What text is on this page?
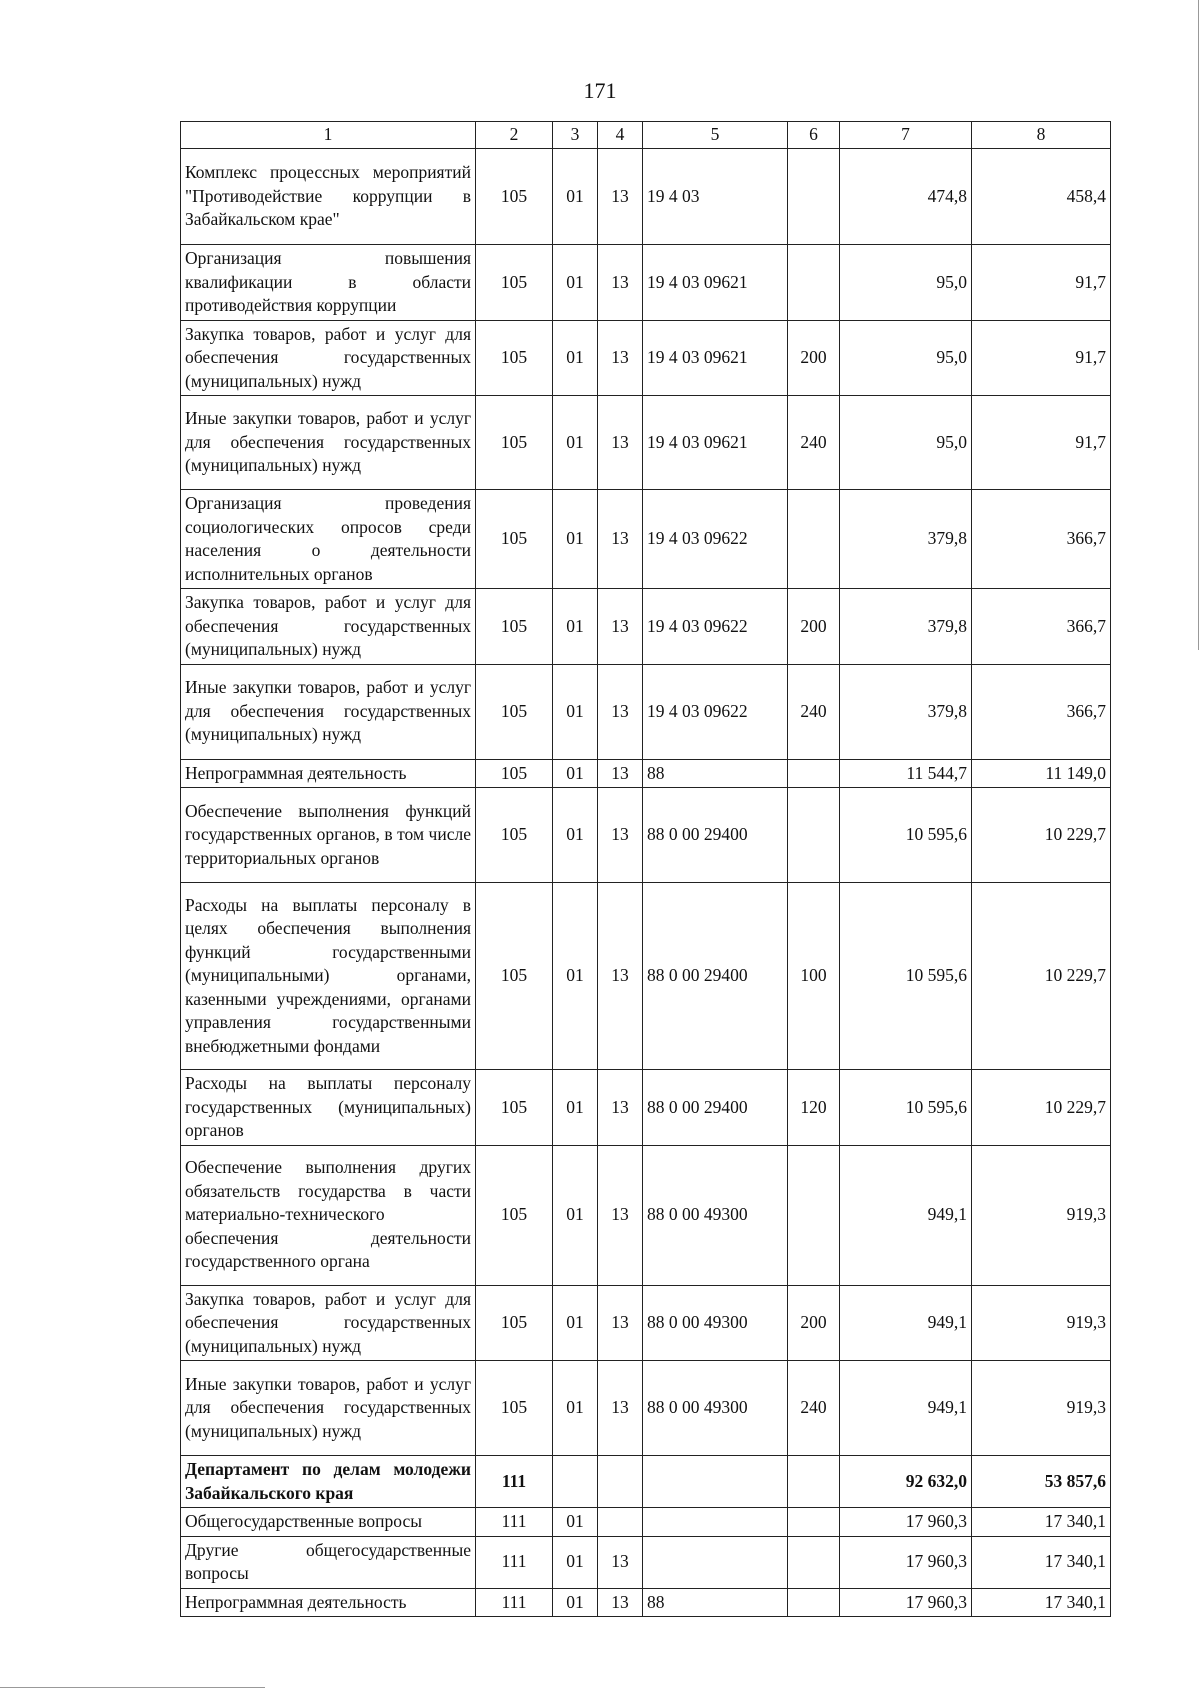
171
1	2	3	4	5	6	7	8
Комплекс процессных мероприятий "Противодействие коррупции в Забайкальском крае"	105	01	13	19 4 03		474,8	458,4
Организация повышения квалификации в области противодействия коррупции	105	01	13	19 4 03 09621		95,0	91,7
Закупка товаров, работ и услуг для обеспечения государственных (муниципальных) нужд	105	01	13	19 4 03 09621	200	95,0	91,7
Иные закупки товаров, работ и услуг для обеспечения государственных (муниципальных) нужд	105	01	13	19 4 03 09621	240	95,0	91,7
Организация проведения социологических опросов среди населения о деятельности исполнительных органов	105	01	13	19 4 03 09622		379,8	366,7
Закупка товаров, работ и услуг для обеспечения государственных (муниципальных) нужд	105	01	13	19 4 03 09622	200	379,8	366,7
Иные закупки товаров, работ и услуг для обеспечения государственных (муниципальных) нужд	105	01	13	19 4 03 09622	240	379,8	366,7
Непрограммная деятельность	105	01	13	88		11 544,7	11 149,0
Обеспечение выполнения функций государственных органов, в том числе территориальных органов	105	01	13	88 0 00 29400		10 595,6	10 229,7
Расходы на выплаты персоналу в целях обеспечения выполнения функций государственными (муниципальными) органами, казенными учреждениями, органами управления государственными внебюджетными фондами	105	01	13	88 0 00 29400	100	10 595,6	10 229,7
Расходы на выплаты персоналу государственных (муниципальных) органов	105	01	13	88 0 00 29400	120	10 595,6	10 229,7
Обеспечение выполнения других обязательств государства в части материально-технического обеспечения деятельности государственного органа	105	01	13	88 0 00 49300		949,1	919,3
Закупка товаров, работ и услуг для обеспечения государственных (муниципальных) нужд	105	01	13	88 0 00 49300	200	949,1	919,3
Иные закупки товаров, работ и услуг для обеспечения государственных (муниципальных) нужд	105	01	13	88 0 00 49300	240	949,1	919,3
Департамент по делам молодежи Забайкальского края	111					92 632,0	53 857,6
Общегосударственные вопросы	111	01				17 960,3	17 340,1
Другие общегосударственные вопросы	111	01	13			17 960,3	17 340,1
Непрограммная деятельность	111	01	13	88		17 960,3	17 340,1
